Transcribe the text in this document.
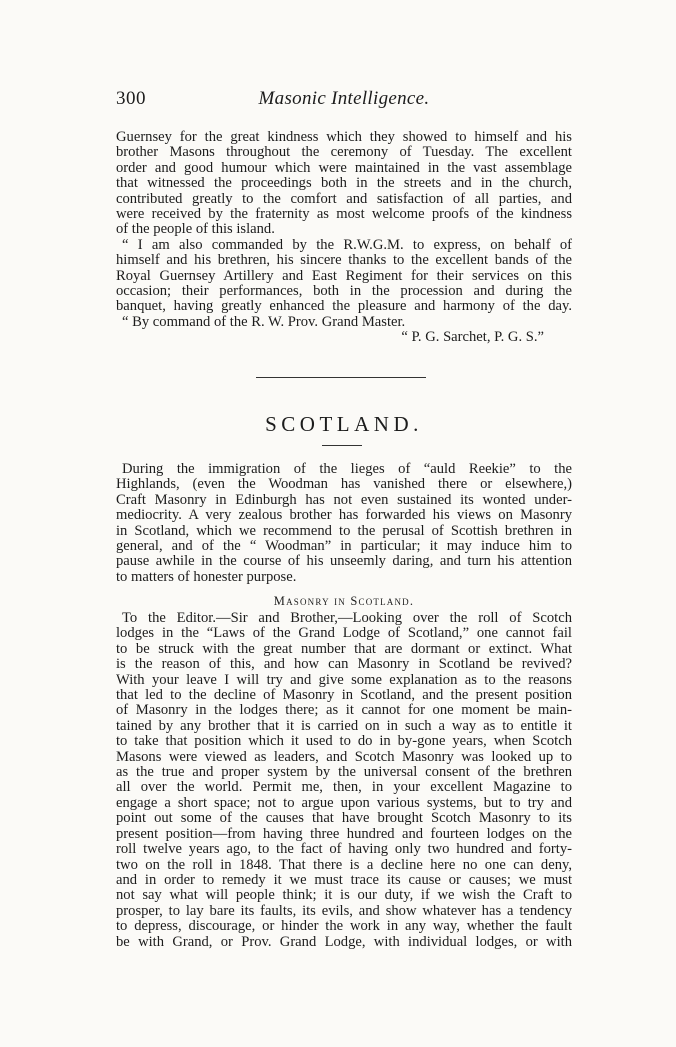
300	Masonic Intelligence.
Guernsey for the great kindness which they showed to himself and his
brother Masons throughout the ceremony of Tuesday. The excellent
order and good humour which were maintained in the vast assemblage
that witnessed the proceedings both in the streets and in the church,
contributed greatly to the comfort and satisfaction of all parties, and
were received by the fraternity as most welcome proofs of the kindness
of the people of this island.
“ I am also commanded by the R.W.G.M. to express, on behalf of
himself and his brethren, his sincere thanks to the excellent bands of the
Royal Guernsey Artillery and East Regiment for their services on this
occasion; their performances, both in the procession and during the
banquet, having greatly enhanced the pleasure and harmony of the day.
“ By command of the R. W. Prov. Grand Master.
“ P. G. Sarchet, P. G. S.”
SCOTLAND.
During the immigration of the lieges of “auld Reekie” to the
Highlands, (even the Woodman has vanished there or elsewhere,)
Craft Masonry in Edinburgh has not even sustained its wonted under-
mediocrity. A very zealous brother has forwarded his views on Masonry
in Scotland, which we recommend to the perusal of Scottish brethren in
general, and of the “ Woodman” in particular; it may induce him to
pause awhile in the course of his unseemly daring, and turn his attention
to matters of honester purpose.
Masonry in Scotland.
To the Editor.—Sir and Brother,—Looking over the roll of Scotch
lodges in the “Laws of the Grand Lodge of Scotland,” one cannot fail
to be struck with the great number that are dormant or extinct. What
is the reason of this, and how can Masonry in Scotland be revived?
With your leave I will try and give some explanation as to the reasons
that led to the decline of Masonry in Scotland, and the present position
of Masonry in the lodges there; as it cannot for one moment be main-
tained by any brother that it is carried on in such a way as to entitle it
to take that position which it used to do in by-gone years, when Scotch
Masons were viewed as leaders, and Scotch Masonry was looked up to
as the true and proper system by the universal consent of the brethren
all over the world. Permit me, then, in your excellent Magazine to
engage a short space; not to argue upon various systems, but to try and
point out some of the causes that have brought Scotch Masonry to its
present position—from having three hundred and fourteen lodges on the
roll twelve years ago, to the fact of having only two hundred and forty-
two on the roll in 1848. That there is a decline here no one can deny,
and in order to remedy it we must trace its cause or causes; we must
not say what will people think; it is our duty, if we wish the Craft to
prosper, to lay bare its faults, its evils, and show whatever has a tendency
to depress, discourage, or hinder the work in any way, whether the fault
be with Grand, or Prov. Grand Lodge, with individual lodges, or with
